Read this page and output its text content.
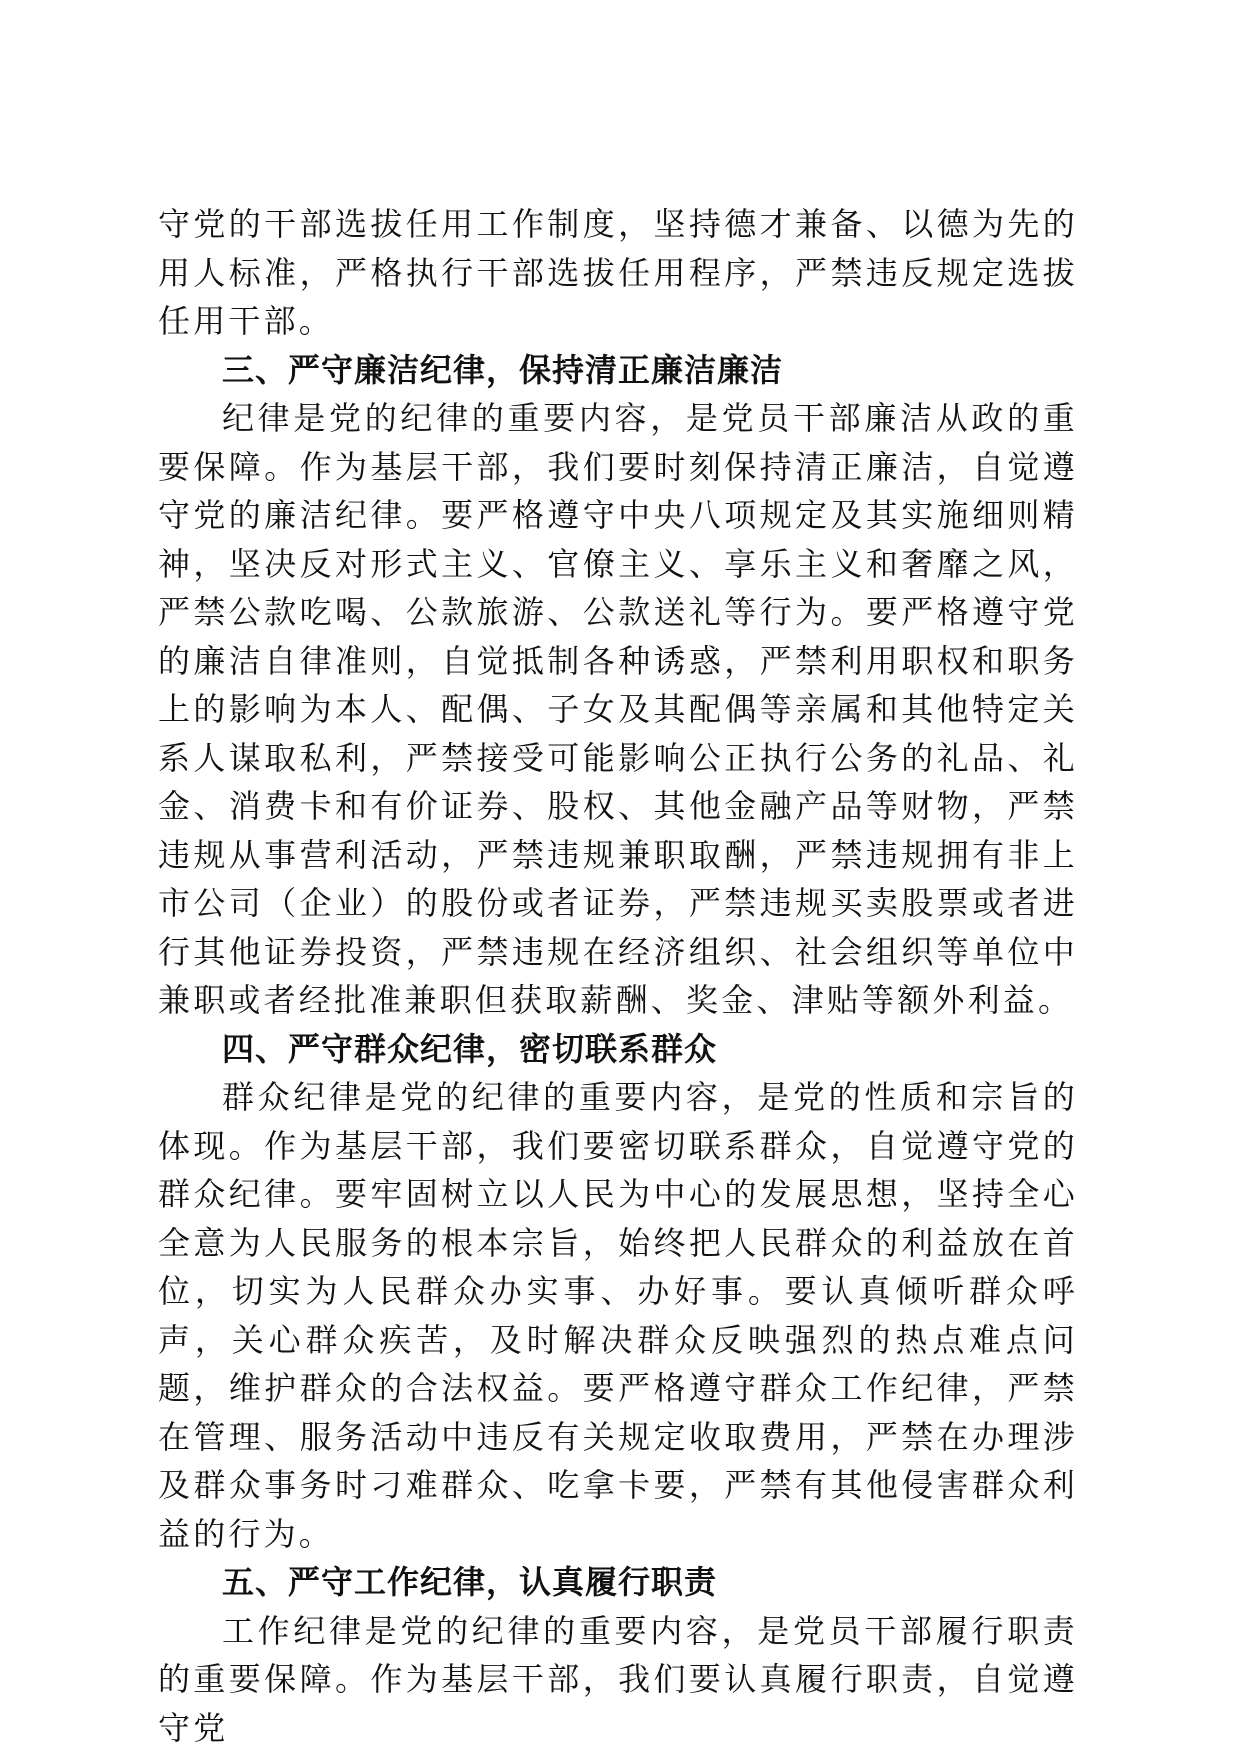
守党的干部选拔任用工作制度，坚持德才兼备、以德为先的用人标准，严格执行干部选拔任用程序，严禁违反规定选拔任用干部。

三、严守廉洁纪律，保持清正廉洁廉洁

纪律是党的纪律的重要内容，是党员干部廉洁从政的重要保障。作为基层干部，我们要时刻保持清正廉洁，自觉遵守党的廉洁纪律。要严格遵守中央八项规定及其实施细则精神，坚决反对形式主义、官僚主义、享乐主义和奢靡之风，严禁公款吃喝、公款旅游、公款送礼等行为。要严格遵守党的廉洁自律准则，自觉抵制各种诱惑，严禁利用职权和职务上的影响为本人、配偶、子女及其配偶等亲属和其他特定关系人谋取私利，严禁接受可能影响公正执行公务的礼品、礼金、消费卡和有价证券、股权、其他金融产品等财物，严禁违规从事营利活动，严禁违规兼职取酬，严禁违规拥有非上市公司（企业）的股份或者证券，严禁违规买卖股票或者进行其他证券投资，严禁违规在经济组织、社会组织等单位中兼职或者经批准兼职但获取薪酬、奖金、津贴等额外利益。

四、严守群众纪律，密切联系群众

群众纪律是党的纪律的重要内容，是党的性质和宗旨的体现。作为基层干部，我们要密切联系群众，自觉遵守党的群众纪律。要牢固树立以人民为中心的发展思想，坚持全心全意为人民服务的根本宗旨，始终把人民群众的利益放在首位，切实为人民群众办实事、办好事。要认真倾听群众呼声，关心群众疾苦，及时解决群众反映强烈的热点难点问题，维护群众的合法权益。要严格遵守群众工作纪律，严禁在管理、服务活动中违反有关规定收取费用，严禁在办理涉及群众事务时刁难群众、吃拿卡要，严禁有其他侵害群众利益的行为。

五、严守工作纪律，认真履行职责

工作纪律是党的纪律的重要内容，是党员干部履行职责的重要保障。作为基层干部，我们要认真履行职责，自觉遵守党
